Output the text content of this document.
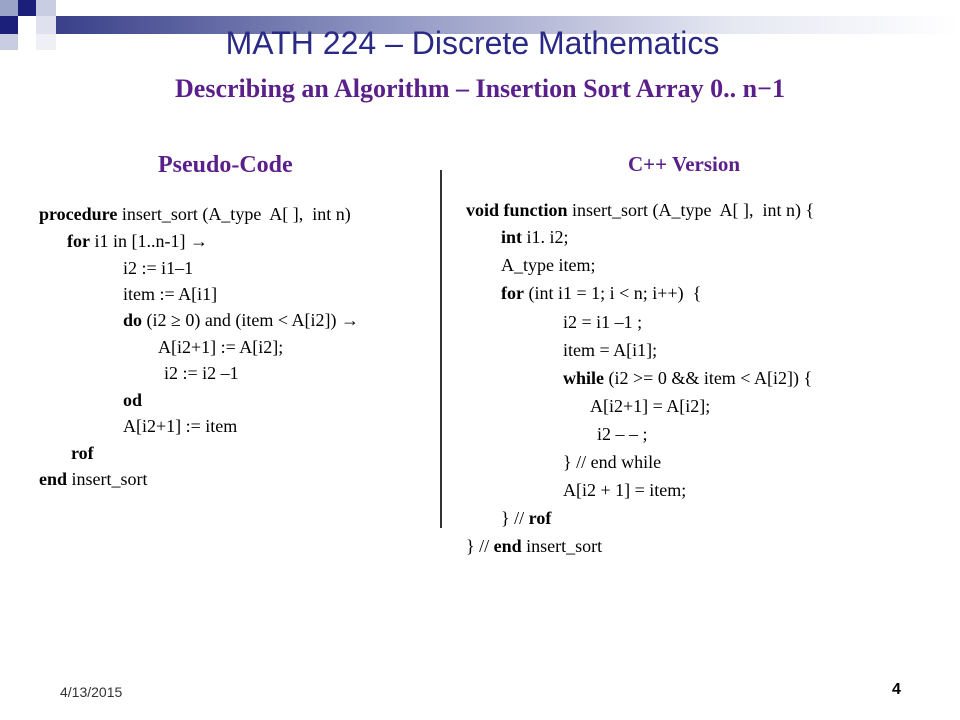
MATH 224 – Discrete Mathematics
Describing an Algorithm – Insertion Sort Array 0.. n−1
Pseudo-Code	C++ Version

procedure insert_sort (A_type  A[ ],  int n)

for i1 in [1..n-1] →

i2 := i1–1

item := A[i1]

do (i2 ≥ 0) and (item < A[i2]) →

A[i2+1] := A[i2];

i2 := i2 –1

od

A[i2+1] := item

rof

end insert_sort

void function insert_sort (A_type  A[ ],  int n) {

int i1. i2;

A_type item;

for (int i1 = 1; i < n; i++)  {

i2 = i1 –1 ;

item = A[i1];

while (i2 >= 0 && item < A[i2]) {

A[i2+1] = A[i2];

i2 – – ;

} // end while

A[i2 + 1] = item;

} // rof

} // end insert_sort

4/13/2015	4
